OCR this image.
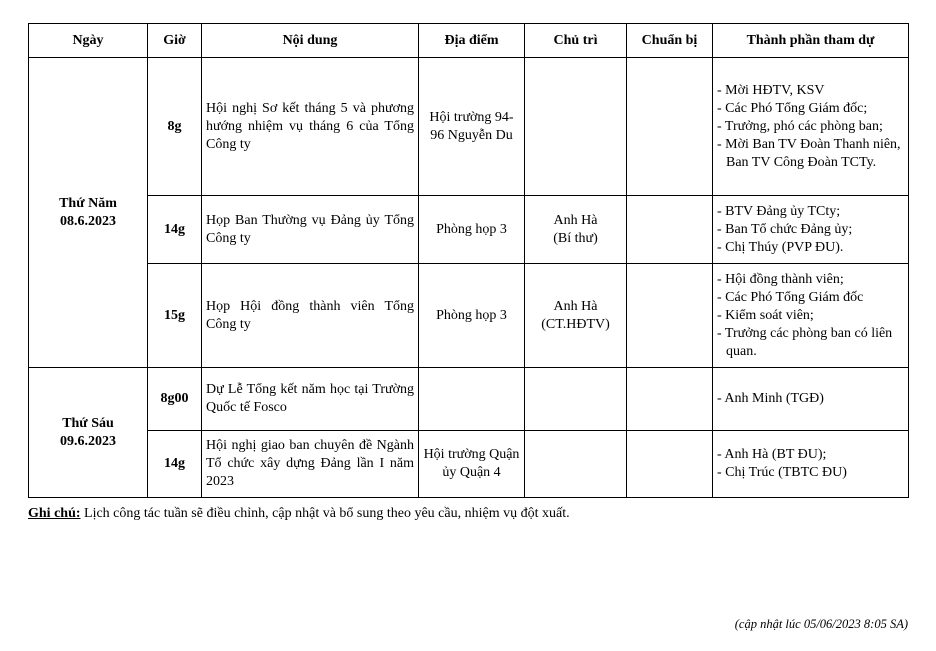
Ngày	Giờ	Nội dung	Địa điểm	Chủ trì	Chuẩn bị	Thành phần tham dự
Thứ Năm
08.6.2023	8g	Hội nghị Sơ kết tháng 5 và phương hướng nhiệm vụ tháng 6 của Tổng Công ty	Hội trường 94-96 Nguyễn Du			- Mời HĐTV, KSV
- Các Phó Tổng Giám đốc;
- Trưởng, phó các phòng ban;
- Mời Ban TV Đoàn Thanh niên, Ban TV Công Đoàn TCTy.

	14g	Họp Ban Thường vụ Đảng ủy Tổng Công ty	Phòng họp 3	Anh Hà
(Bí thư)		- BTV Đảng ủy TCty;
- Ban Tổ chức Đảng ủy;
- Chị Thúy (PVP ĐU).

	15g	Họp Hội đồng thành viên Tổng Công ty	Phòng họp 3	Anh Hà
(CT.HĐTV)		- Hội đồng thành viên;
- Các Phó Tổng Giám đốc
- Kiểm soát viên;
- Trưởng các phòng ban có liên quan.

Thứ Sáu
09.6.2023	8g00	Dự Lễ Tổng kết năm học tại Trường Quốc tế Fosco				- Anh Minh (TGĐ)

	14g	Hội nghị giao ban chuyên đề Ngành Tổ chức xây dựng Đảng lần I năm 2023	Hội trường Quận ủy Quận 4			- Anh Hà (BT ĐU);
- Chị Trúc (TBTC ĐU)
Ghi chú: Lịch công tác tuần sẽ điều chỉnh, cập nhật và bổ sung theo yêu cầu, nhiệm vụ đột xuất.
(cập nhật lúc 05/06/2023 8:05 SA)
